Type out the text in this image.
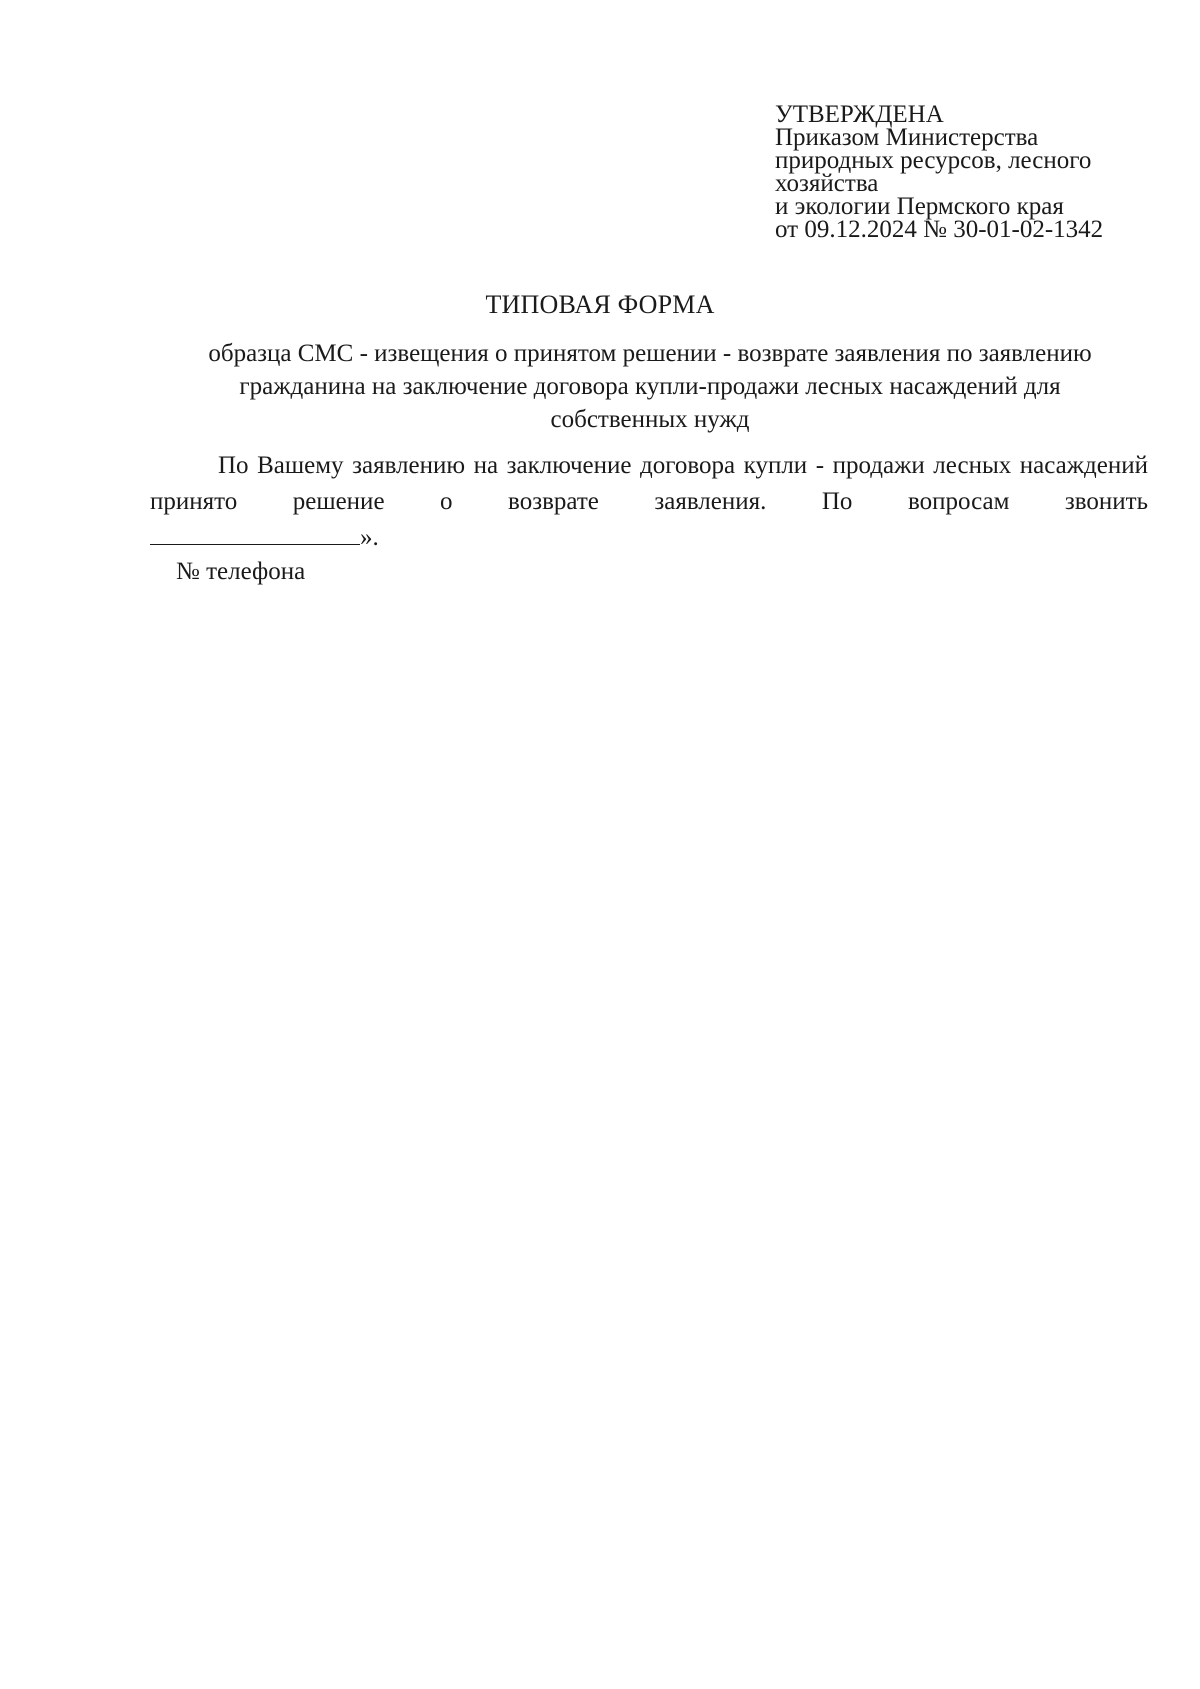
УТВЕРЖДЕНА
Приказом Министерства
природных ресурсов, лесного
хозяйства
и экологии Пермского края
от 09.12.2024 № 30-01-02-1342
ТИПОВАЯ ФОРМА
образца СМС - извещения о принятом решении - возврате заявления по заявлению
гражданина на заключение договора купли-продажи лесных насаждений для
собственных нужд
По Вашему заявлению на заключение договора купли - продажи лесных насаждений принято решение о возврате заявления. По вопросам звонить
».
№ телефона
